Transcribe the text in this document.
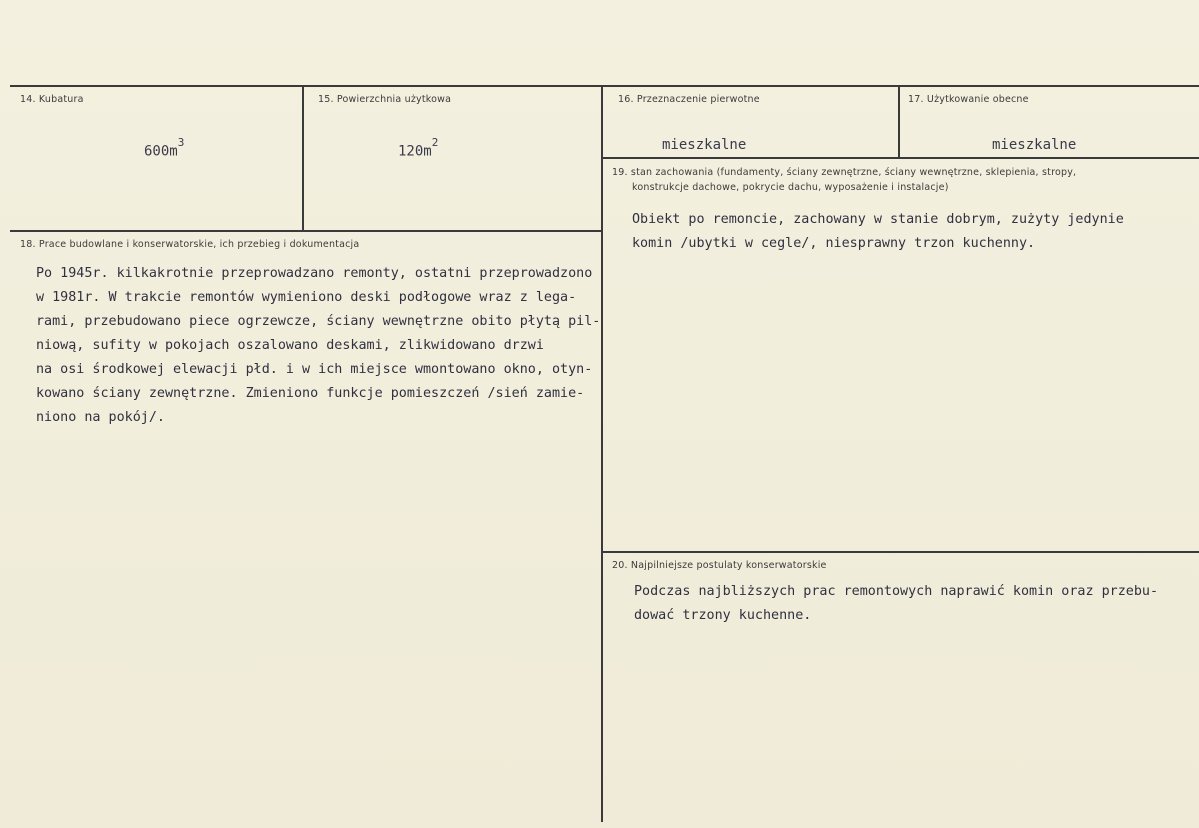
14. Kubatura
$600m^3$
15. Powierzchnia użytkowa
$120m^2$
16. Przeznaczenie pierwotne
mieszkalne
17. Użytkowanie obecne
mieszkalne
18. Prace budowlane i konserwatorskie, ich przebieg i dokumentacja
Po 1945r. kilkakrotnie przeprowadzano remonty, ostatni przeprowadzono
w 1981r. W trakcie remontów wymieniono deski podłogowe wraz z lega-
rami, przebudowano piece ogrzewcze, ściany wewnętrzne obito płytą pil-
niową, sufity w pokojach oszalowano deskami, zlikwidowano drzwi
na osi środkowej elewacji płd. i w ich miejsce wmontowano okno, otyn-
kowano ściany zewnętrzne. Zmieniono funkcje pomieszczeń /sień zamie-
niono na pokój/.
19. stan zachowania (fundamenty, ściany zewnętrzne, ściany wewnętrzne, sklepienia, stropy,
konstrukcje dachowe, pokrycie dachu, wyposażenie i instalacje)
Obiekt po remoncie, zachowany w stanie dobrym, zużyty jedynie
komin /ubytki w cegle/, niesprawny trzon kuchenny.
20. Najpilniejsze postulaty konserwatorskie
Podczas najbliższych prac remontowych naprawić komin oraz przebu-
dować trzony kuchenne.
